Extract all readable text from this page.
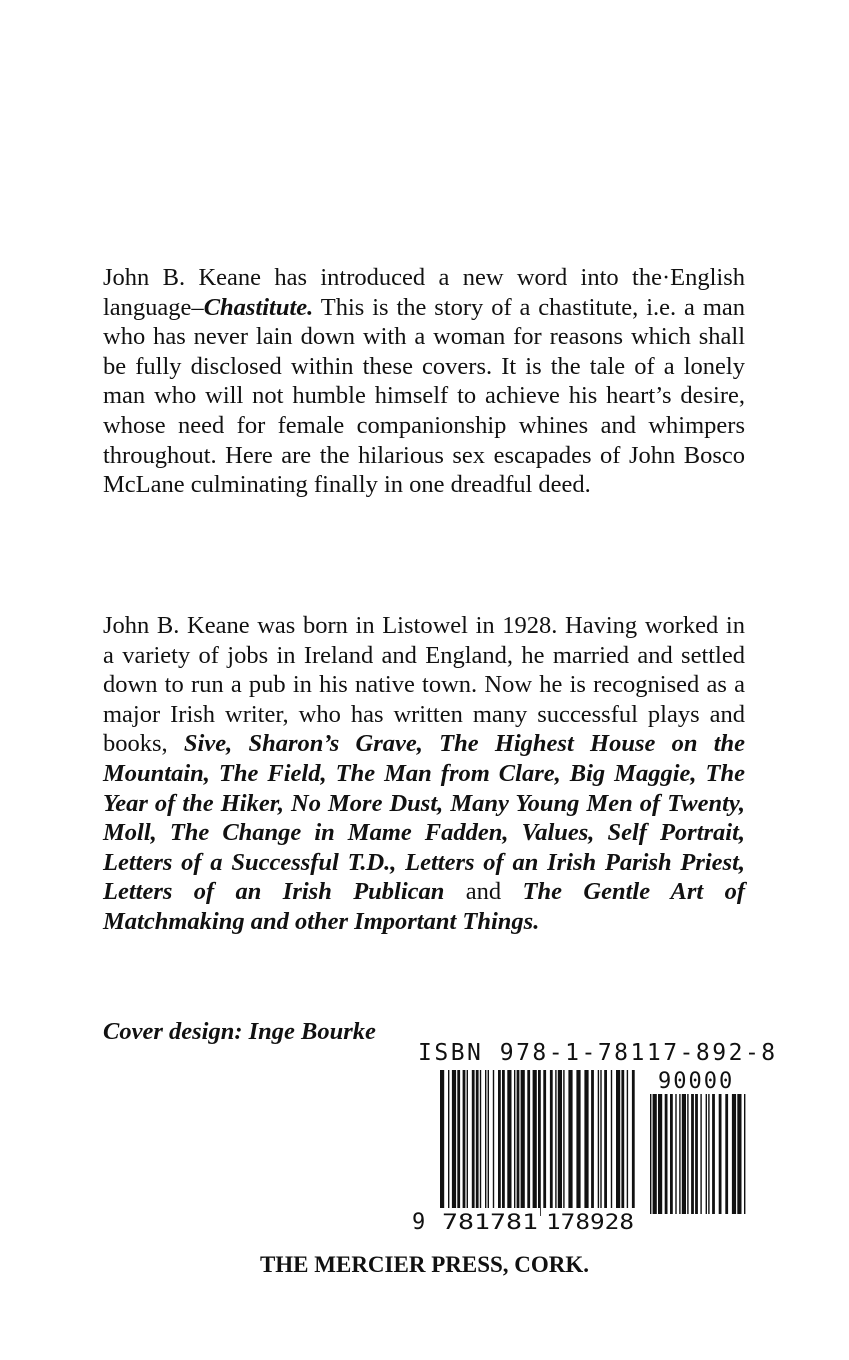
John B. Keane has introduced a new word into the·English language–Chastitute. This is the story of a chastitute, i.e. a man who has never lain down with a woman for reasons which shall be fully disclosed within these covers. It is the tale of a lonely man who will not humble himself to achieve his heart’s desire, whose need for female companionship whines and whimpers throughout. Here are the hilarious sex escapades of John Bosco McLane culminating finally in one dreadful deed.

John B. Keane was born in Listowel in 1928. Having worked in a variety of jobs in Ireland and England, he married and settled down to run a pub in his native town. Now he is recognised as a major Irish writer, who has written many successful plays and books, Sive, Sharon’s Grave, The Highest House on the Mountain, The Field, The Man from Clare, Big Maggie, The Year of the Hiker, No More Dust, Many Young Men of Twenty, Moll, The Change in Mame Fadden, Values, Self Portrait, Letters of a Successful T.D., Letters of an Irish Parish Priest, Letters of an Irish Publican and The Gentle Art of Matchmaking and other Important Things.

Cover design: Inge Bourke

ISBN 978-1-78117-892-8

9 781781 178928
90000

THE MERCIER PRESS, CORK.
